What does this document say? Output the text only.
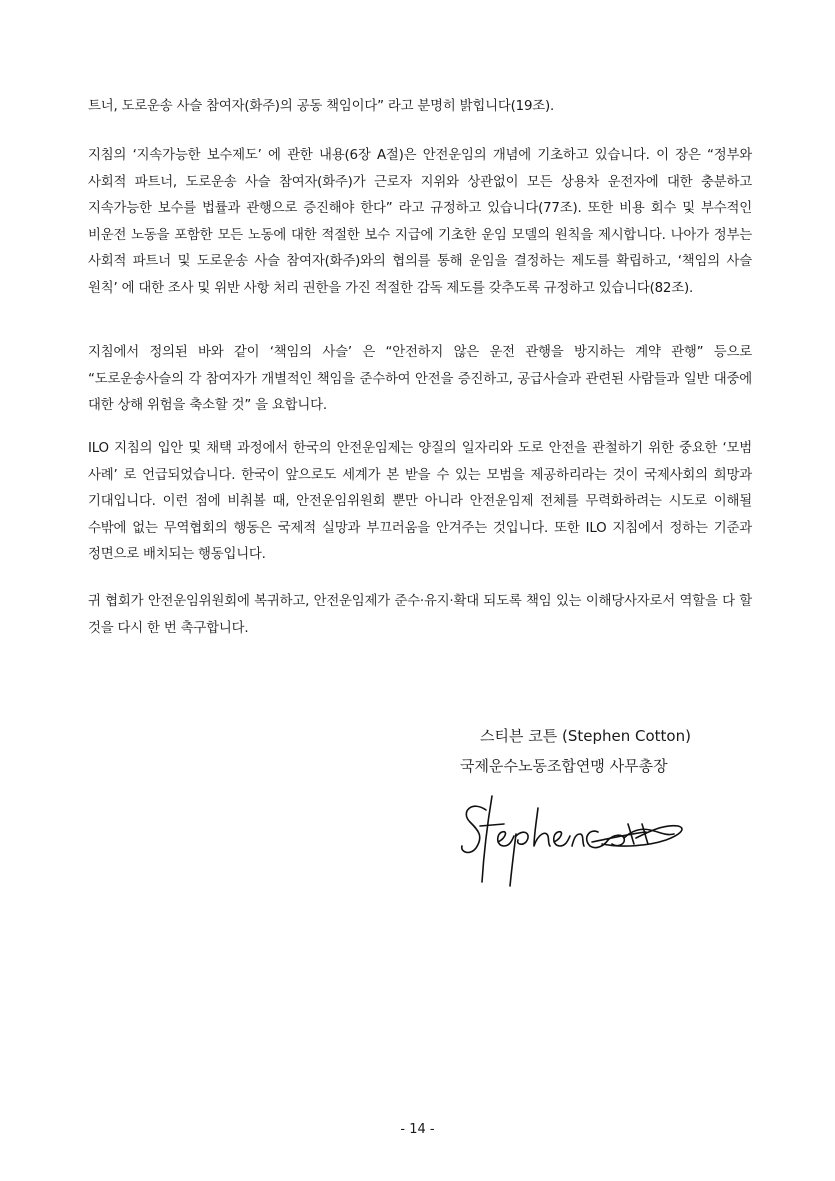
트너, 도로운송 사슬 참여자(화주)의 공동 책임이다” 라고 분명히 밝힙니다(19조).

지침의 ‘지속가능한 보수제도’ 에 관한 내용(6장 A절)은 안전운임의 개념에 기초하고 있습니다. 이 장은 “정부와 사회적 파트너, 도로운송 사슬 참여자(화주)가 근로자 지위와 상관없이 모든 상용차 운전자에 대한 충분하고 지속가능한 보수를 법률과 관행으로 증진해야 한다” 라고 규정하고 있습니다(77조). 또한 비용 회수 및 부수적인 비운전 노동을 포함한 모든 노동에 대한 적절한 보수 지급에 기초한 운임 모델의 원칙을 제시합니다. 나아가 정부는 사회적 파트너 및 도로운송 사슬 참여자(화주)와의 협의를 통해 운임을 결정하는 제도를 확립하고, ‘책임의 사슬 원칙’ 에 대한 조사 및 위반 사항 처리 권한을 가진 적절한 감독 제도를 갖추도록 규정하고 있습니다(82조).

지침에서 정의된 바와 같이 ‘책임의 사슬’ 은 “안전하지 않은 운전 관행을 방지하는 계약 관행” 등으로 “도로운송사슬의 각 참여자가 개별적인 책임을 준수하여 안전을 증진하고, 공급사슬과 관련된 사람들과 일반 대중에 대한 상해 위험을 축소할 것” 을 요합니다.

ILO 지침의 입안 및 채택 과정에서 한국의 안전운임제는 양질의 일자리와 도로 안전을 관철하기 위한 중요한 ‘모범 사례’ 로 언급되었습니다. 한국이 앞으로도 세계가 본 받을 수 있는 모범을 제공하리라는 것이 국제사회의 희망과 기대입니다. 이런 점에 비춰볼 때, 안전운임위원회 뿐만 아니라 안전운임제 전체를 무력화하려는 시도로 이해될 수밖에 없는 무역협회의 행동은 국제적 실망과 부끄러움을 안겨주는 것입니다. 또한 ILO 지침에서 정하는 기준과 정면으로 배치되는 행동입니다.

귀 협회가 안전운임위원회에 복귀하고, 안전운임제가 준수·유지·확대 되도록 책임 있는 이해당사자로서 역할을 다 할 것을 다시 한 번 촉구합니다.

스티븐 코튼 (Stephen Cotton)
국제운수노동조합연맹 사무총장
- 14 -
